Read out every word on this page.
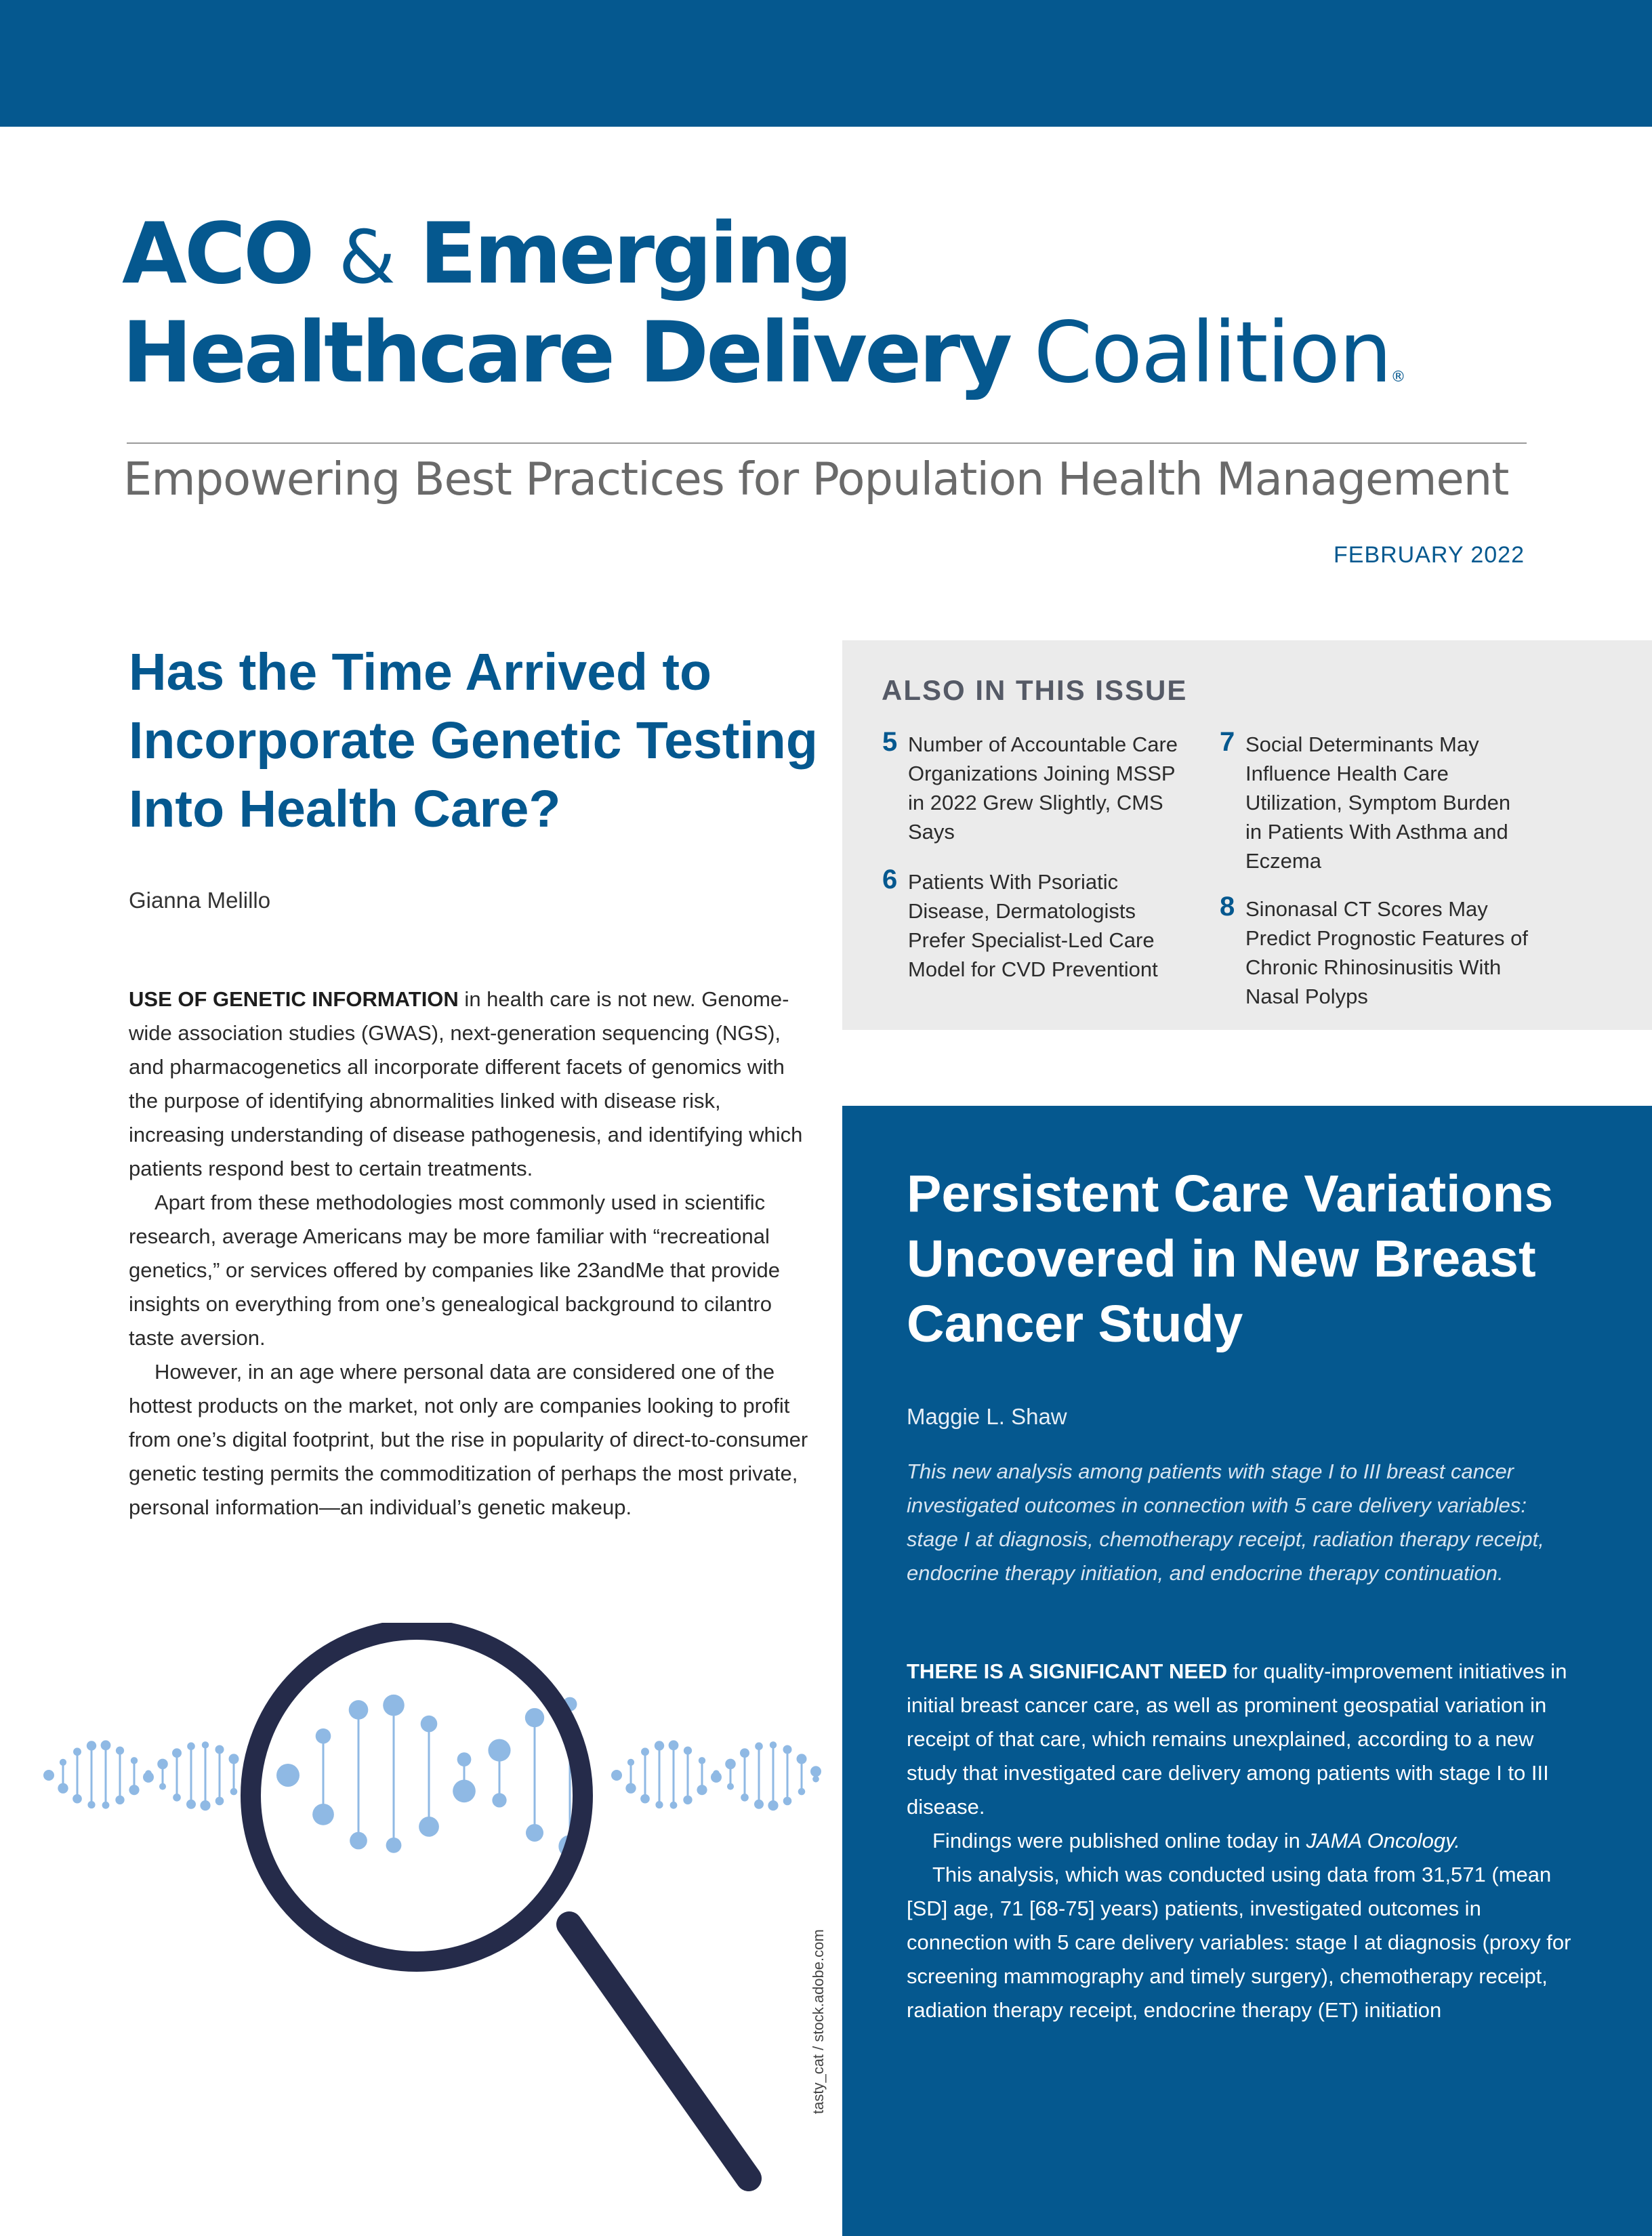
ACO & Emerging
Healthcare Delivery Coalition®
Empowering Best Practices for Population Health Management
FEBRUARY 2022
Has the Time Arrived to Incorporate Genetic Testing Into Health Care?
Gianna Melillo

USE OF GENETIC INFORMATION in health care is not new. Genome-wide association studies (GWAS), next-generation sequencing (NGS), and pharmacogenetics all incorporate different facets of genomics with the purpose of identifying abnormalities linked with disease risk, increasing understanding of disease pathogenesis, and identifying which patients respond best to certain treatments.

Apart from these methodologies most commonly used in scientific research, average Americans may be more familiar with “recreational genetics,” or services offered by companies like 23andMe that provide insights on everything from one’s genealogical background to cilantro taste aversion.

However, in an age where personal data are considered one of the hottest products on the market, not only are companies looking to profit from one’s digital footprint, but the rise in popularity of direct-to-consumer genetic testing permits the commoditization of perhaps the most private, personal information—an individual’s genetic makeup.

ALSO IN THIS ISSUE
5 Number of Accountable Care Organizations Joining MSSP in 2022 Grew Slightly, CMS Says
6 Patients With Psoriatic Disease, Dermatologists Prefer Specialist-Led Care Model for CVD Preventiont
7 Social Determinants May Influence Health Care Utilization, Symptom Burden in Patients With Asthma and Eczema
8 Sinonasal CT Scores May Predict Prognostic Features of Chronic Rhinosinusitis With Nasal Polyps
Persistent Care Variations Uncovered in New Breast Cancer Study
Maggie L. Shaw
This new analysis among patients with stage I to III breast cancer investigated outcomes in connection with 5 care delivery variables: stage I at diagnosis, chemotherapy receipt, radiation therapy receipt, endocrine therapy initiation, and endocrine therapy continuation.

THERE IS A SIGNIFICANT NEED for quality-improvement initiatives in initial breast cancer care, as well as prominent geospatial variation in receipt of that care, which remains unexplained, according to a new study that investigated care delivery among patients with stage I to III disease.

Findings were published online today in JAMA Oncology.

This analysis, which was conducted using data from 31,571 (mean [SD] age, 71 [68-75] years) patients, investigated outcomes in connection with 5 care delivery variables: stage I at diagnosis (proxy for screening mammography and timely surgery), chemotherapy receipt, radiation therapy receipt, endocrine therapy (ET) initiation

tasty_cat / stock.adobe.com
